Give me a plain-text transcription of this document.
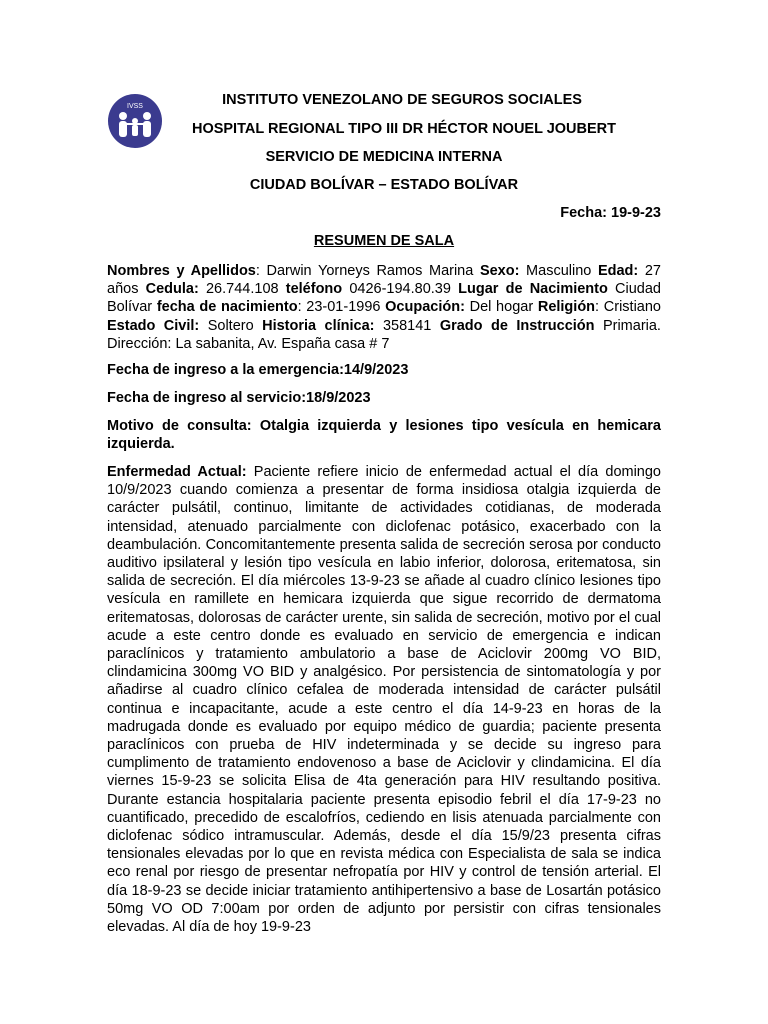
IVSS	INSTITUTO VENEZOLANO DE SEGUROS SOCIALES
HOSPITAL REGIONAL TIPO III DR HÉCTOR NOUEL JOUBERT
SERVICIO DE MEDICINA INTERNA
CIUDAD BOLÍVAR – ESTADO BOLÍVAR
Fecha: 19-9-23
RESUMEN DE SALA

Nombres y Apellidos: Darwin Yorneys Ramos Marina Sexo: Masculino Edad: 27 años Cedula: 26.744.108 teléfono 0426-194.80.39 Lugar de Nacimiento Ciudad Bolívar fecha de nacimiento: 23-01-1996 Ocupación: Del hogar Religión: Cristiano Estado Civil: Soltero Historia clínica: 358141 Grado de Instrucción Primaria. Dirección: La sabanita, Av. España casa # 7

Fecha de ingreso a la emergencia:14/9/2023

Fecha de ingreso al servicio:18/9/2023

Motivo de consulta: Otalgia izquierda y lesiones tipo vesícula en hemicara izquierda.

Enfermedad Actual: Paciente refiere inicio de enfermedad actual el día domingo 10/9/2023 cuando comienza a presentar de forma insidiosa otalgia izquierda de carácter pulsátil, continuo, limitante de actividades cotidianas, de moderada intensidad, atenuado parcialmente con diclofenac potásico, exacerbado con la deambulación. Concomitantemente presenta salida de secreción serosa por conducto auditivo ipsilateral y lesión tipo vesícula en labio inferior, dolorosa, eritematosa, sin salida de secreción. El día miércoles 13-9-23 se añade al cuadro clínico lesiones tipo vesícula en ramillete en hemicara izquierda que sigue recorrido de dermatoma eritematosas, dolorosas de carácter urente, sin salida de secreción, motivo por el cual acude a este centro donde es evaluado en servicio de emergencia e indican paraclínicos y tratamiento ambulatorio a base de Aciclovir 200mg VO BID, clindamicina 300mg VO BID y analgésico. Por persistencia de sintomatología y por añadirse al cuadro clínico cefalea de moderada intensidad de carácter pulsátil continua e incapacitante, acude a este centro el día 14-9-23 en horas de la madrugada donde es evaluado por equipo médico de guardia; paciente presenta paraclínicos con prueba de HIV indeterminada y se decide su ingreso para cumplimento de tratamiento endovenoso a base de Aciclovir y clindamicina. El día viernes 15-9-23 se solicita Elisa de 4ta generación para HIV resultando positiva. Durante estancia hospitalaria paciente presenta episodio febril el día 17-9-23 no cuantificado, precedido de escalofríos, cediendo en lisis atenuada parcialmente con diclofenac sódico intramuscular. Además, desde el día 15/9/23 presenta cifras tensionales elevadas por lo que en revista médica con Especialista de sala se indica eco renal por riesgo de presentar nefropatía por HIV y control de tensión arterial. El día 18-9-23 se decide iniciar tratamiento antihipertensivo a base de Losartán potásico 50mg VO OD 7:00am por orden de adjunto por persistir con cifras tensionales elevadas. Al día de hoy 19-9-23
